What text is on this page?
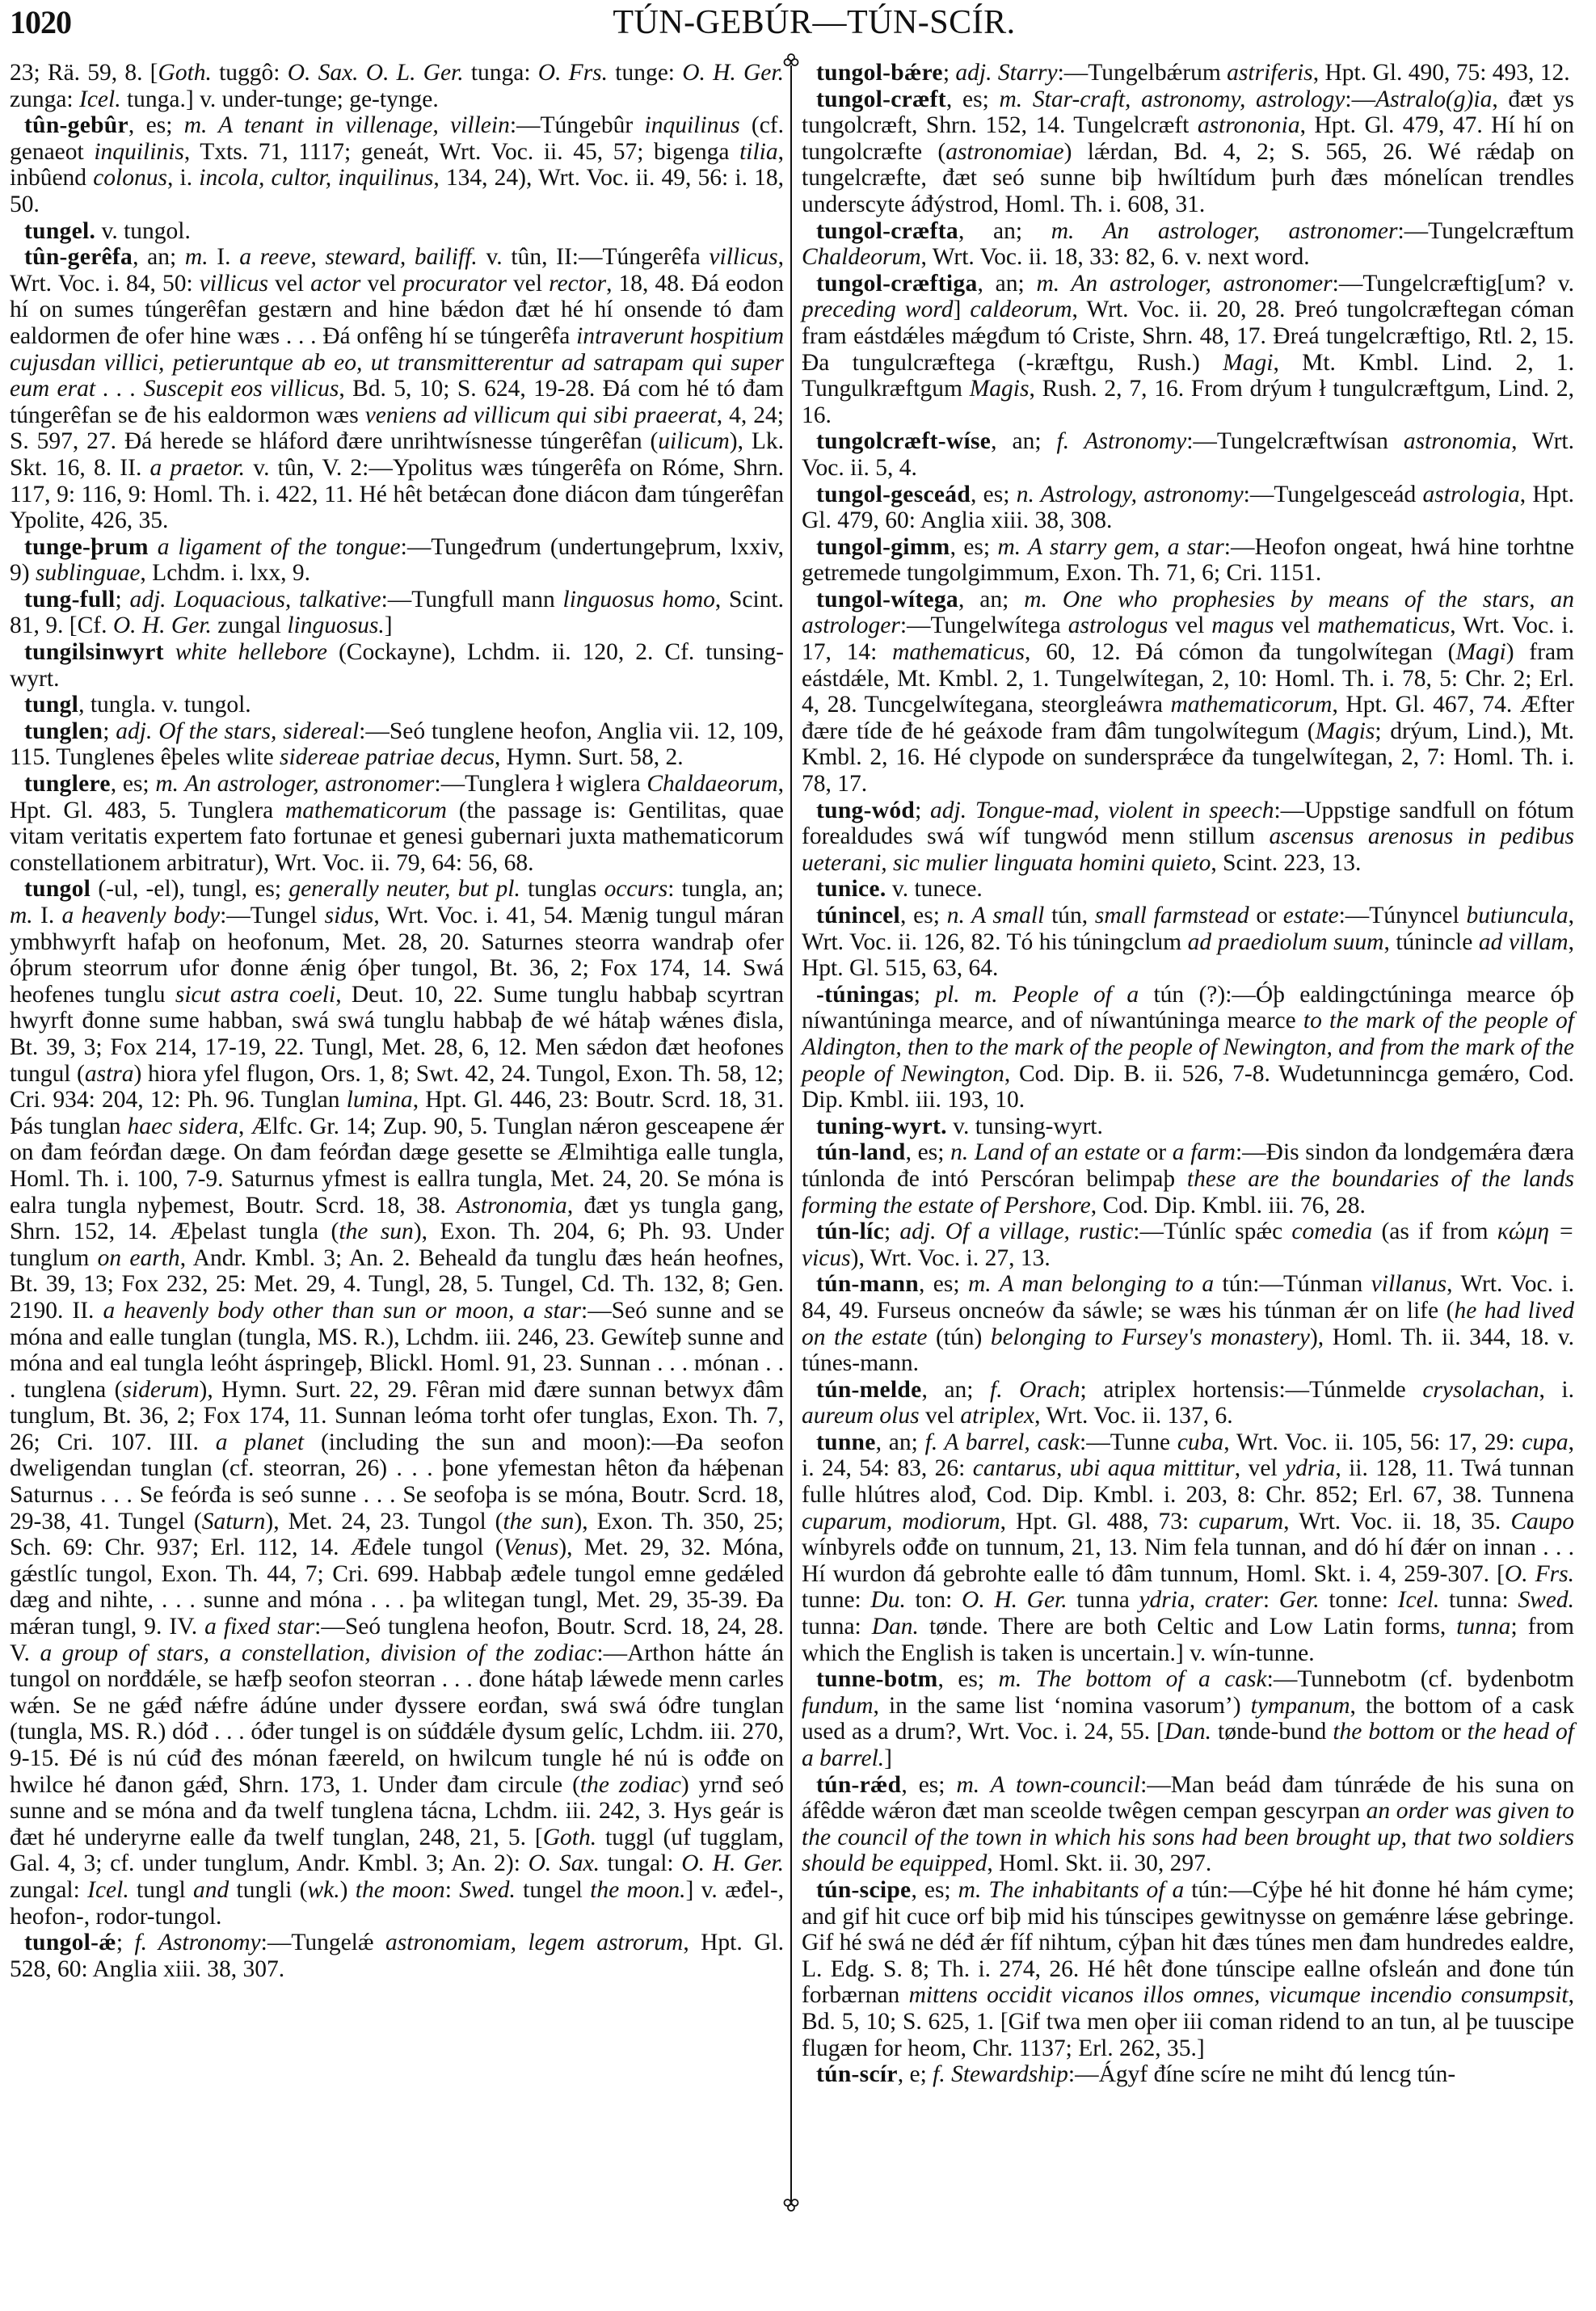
1020	TÚN-GEBÚR—TÚN-SCÍR.

23; Rä. 59, 8. [Goth. tuggô: O. Sax. O. L. Ger. tunga: O. Frs. tunge: O. H. Ger. zunga: Icel. tunga.] v. under-tunge; ge-tynge.

tûn-gebûr, es; m. A tenant in villenage, villein:—Túngebûr inquilinus (cf. genaeot inquilinis, Txts. 71, 1117; geneát, Wrt. Voc. ii. 45, 57; bigenga tilia, inbûend colonus, i. incola, cultor, inquilinus, 134, 24), Wrt. Voc. ii. 49, 56: i. 18, 50.

tungel. v. tungol.

tûn-gerêfa, an; m. I. a reeve, steward, bailiff. v. tûn, II:—Túngerêfa villicus, Wrt. Voc. i. 84, 50: villicus vel actor vel procurator vel rector, 18, 48. Đá eodon hí on sumes túngerêfan gestærn and hine bǽdon đæt hé hí onsende tó đam ealdormen đe ofer hine wæs . . . Đá onfêng hí se túngerêfa intraverunt hospitium cujusdan villici, petieruntque ab eo, ut transmitterentur ad satrapam qui super eum erat . . . Suscepit eos villicus, Bd. 5, 10; S. 624, 19-28. Đá com hé tó đam túngerêfan se đe his ealdormon wæs veniens ad villicum qui sibi praeerat, 4, 24; S. 597, 27. Đá herede se hláford đære unrihtwísnesse túngerêfan (uilicum), Lk. Skt. 16, 8. II. a praetor. v. tûn, V. 2:—Ypolitus wæs túngerêfa on Róme, Shrn. 117, 9: 116, 9: Homl. Th. i. 422, 11. Hé hêt betǽcan đone diácon đam túngerêfan Ypolite, 426, 35.

tunge-þrum a ligament of the tongue:—Tungeđrum (undertungeþrum, lxxiv, 9) sublinguae, Lchdm. i. lxx, 9.

tung-full; adj. Loquacious, talkative:—Tungfull mann linguosus homo, Scint. 81, 9. [Cf. O. H. Ger. zungal linguosus.]

tungilsinwyrt white hellebore (Cockayne), Lchdm. ii. 120, 2. Cf. tunsing-wyrt.

tungl, tungla. v. tungol.

tunglen; adj. Of the stars, sidereal:—Seó tunglene heofon, Anglia vii. 12, 109, 115. Tunglenes êþeles wlite sidereae patriae decus, Hymn. Surt. 58, 2.

tunglere, es; m. An astrologer, astronomer:—Tunglera ł wiglera Chaldaeorum, Hpt. Gl. 483, 5. Tunglera mathematicorum (the passage is: Gentilitas, quae vitam veritatis expertem fato fortunae et genesi gubernari juxta mathematicorum constellationem arbitratur), Wrt. Voc. ii. 79, 64: 56, 68.

tungol (-ul, -el), tungl, es; generally neuter, but pl. tunglas occurs: tungla, an; m. I. a heavenly body:—Tungel sidus, Wrt. Voc. i. 41, 54. Mænig tungul máran ymbhwyrft hafaþ on heofonum, Met. 28, 20. Saturnes steorra wandraþ ofer óþrum steorrum ufor đonne ǽnig óþer tungol, Bt. 36, 2; Fox 174, 14. Swá heofenes tunglu sicut astra coeli, Deut. 10, 22. Sume tunglu habbaþ scyrtran hwyrft đonne sume habban, swá swá tunglu habbaþ đe wé hátaþ wǽnes đisla, Bt. 39, 3; Fox 214, 17-19, 22. Tungl, Met. 28, 6, 12. Men sǽdon đæt heofones tungul (astra) hiora yfel flugon, Ors. 1, 8; Swt. 42, 24. Tungol, Exon. Th. 58, 12; Cri. 934: 204, 12: Ph. 96. Tunglan lumina, Hpt. Gl. 446, 23: Boutr. Scrd. 18, 31. Þás tunglan haec sidera, Ælfc. Gr. 14; Zup. 90, 5. Tunglan nǽron gesceapene ǽr on đam feórđan dæge. On đam feórđan dæge gesette se Ælmihtiga ealle tungla, Homl. Th. i. 100, 7-9. Saturnus yfmest is eallra tungla, Met. 24, 20. Se móna is ealra tungla nyþemest, Boutr. Scrd. 18, 38. Astronomia, đæt ys tungla gang, Shrn. 152, 14. Æþelast tungla (the sun), Exon. Th. 204, 6; Ph. 93. Under tunglum on earth, Andr. Kmbl. 3; An. 2. Beheald đa tunglu đæs heán heofnes, Bt. 39, 13; Fox 232, 25: Met. 29, 4. Tungl, 28, 5. Tungel, Cd. Th. 132, 8; Gen. 2190. II. a heavenly body other than sun or moon, a star:—Seó sunne and se móna and ealle tunglan (tungla, MS. R.), Lchdm. iii. 246, 23. Gewíteþ sunne and móna and eal tungla leóht áspringeþ, Blickl. Homl. 91, 23. Sunnan . . . mónan . . . tunglena (siderum), Hymn. Surt. 22, 29. Fêran mid đære sunnan betwyx đâm tunglum, Bt. 36, 2; Fox 174, 11. Sunnan leóma torht ofer tunglas, Exon. Th. 7, 26; Cri. 107. III. a planet (including the sun and moon):—Đa seofon dweligendan tunglan (cf. steorran, 26) . . . þone yfemestan hêton đa hǽþenan Saturnus . . . Se feórđa is seó sunne . . . Se seofoþa is se móna, Boutr. Scrd. 18, 29-38, 41. Tungel (Saturn), Met. 24, 23. Tungol (the sun), Exon. Th. 350, 25; Sch. 69: Chr. 937; Erl. 112, 14. Æđele tungol (Venus), Met. 29, 32. Móna, gǽstlíc tungol, Exon. Th. 44, 7; Cri. 699. Habbaþ æđele tungol emne gedǽled dæg and nihte, . . . sunne and móna . . . þa wlitegan tungl, Met. 29, 35-39. Đa mǽran tungl, 9. IV. a fixed star:—Seó tunglena heofon, Boutr. Scrd. 18, 24, 28. V. a group of stars, a constellation, division of the zodiac:—Arthon hátte án tungol on norđdǽle, se hæfþ seofon steorran . . . đone hátaþ lǽwede menn carles wǽn. Se ne gǽđ nǽfre ádúne under đyssere eorđan, swá swá óđre tunglan (tungla, MS. R.) dóđ . . . óđer tungel is on súđdǽle đysum gelíc, Lchdm. iii. 270, 9-15. Đé is nú cúđ đes mónan fæereld, on hwilcum tungle hé nú is ođđe on hwilce hé đanon gǽđ, Shrn. 173, 1. Under đam circule (the zodiac) yrnđ seó sunne and se móna and đa twelf tunglena tácna, Lchdm. iii. 242, 3. Hys geár is đæt hé underyrne ealle đa twelf tunglan, 248, 21, 5. [Goth. tuggl (uf tugglam, Gal. 4, 3; cf. under tunglum, Andr. Kmbl. 3; An. 2): O. Sax. tungal: O. H. Ger. zungal: Icel. tungl and tungli (wk.) the moon: Swed. tungel the moon.] v. æđel-, heofon-, rodor-tungol.

tungol-ǽ; f. Astronomy:—Tungelǽ astronomiam, legem astrorum, Hpt. Gl. 528, 60: Anglia xiii. 38, 307.

tungol-bǽre; adj. Starry:—Tungelbǽrum astriferis, Hpt. Gl. 490, 75: 493, 12.

tungol-cræft, es; m. Star-craft, astronomy, astrology:—Astralo(g)ia, đæt ys tungolcræft, Shrn. 152, 14. Tungelcræft astrononia, Hpt. Gl. 479, 47. Hí hí on tungolcræfte (astronomiae) lǽrdan, Bd. 4, 2; S. 565, 26. Wé rǽdaþ on tungelcræfte, đæt seó sunne biþ hwíltídum þurh đæs mónelícan trendles underscyte áđýstrod, Homl. Th. i. 608, 31.

tungol-cræfta, an; m. An astrologer, astronomer:—Tungelcræftum Chaldeorum, Wrt. Voc. ii. 18, 33: 82, 6. v. next word.

tungol-cræftiga, an; m. An astrologer, astronomer:—Tungelcræftig[um? v. preceding word] caldeorum, Wrt. Voc. ii. 20, 28. Þreó tungolcræftegan cóman fram eástdǽles mǽgđum tó Criste, Shrn. 48, 17. Đreá tungelcræftigo, Rtl. 2, 15. Đa tungulcræftega (-kræftgu, Rush.) Magi, Mt. Kmbl. Lind. 2, 1. Tungulkræftgum Magis, Rush. 2, 7, 16. From drýum ł tungulcræftgum, Lind. 2, 16.

tungolcræft-wíse, an; f. Astronomy:—Tungelcræftwísan astronomia, Wrt. Voc. ii. 5, 4.

tungol-gesceád, es; n. Astrology, astronomy:—Tungelgesceád astrologia, Hpt. Gl. 479, 60: Anglia xiii. 38, 308.

tungol-gimm, es; m. A starry gem, a star:—Heofon ongeat, hwá hine torhtne getremede tungolgimmum, Exon. Th. 71, 6; Cri. 1151.

tungol-wítega, an; m. One who prophesies by means of the stars, an astrologer:—Tungelwítega astrologus vel magus vel mathematicus, Wrt. Voc. i. 17, 14: mathematicus, 60, 12. Đá cómon đa tungolwítegan (Magi) fram eástdǽle, Mt. Kmbl. 2, 1. Tungelwítegan, 2, 10: Homl. Th. i. 78, 5: Chr. 2; Erl. 4, 28. Tuncgelwítegana, steorgleáwra mathematicorum, Hpt. Gl. 467, 74. Æfter đære tíde đe hé geáxode fram đâm tungolwítegum (Magis; drýum, Lind.), Mt. Kmbl. 2, 16. Hé clypode on sundersprǽce đa tungelwítegan, 2, 7: Homl. Th. i. 78, 17.

tung-wód; adj. Tongue-mad, violent in speech:—Uppstige sandfull on fótum forealdudes swá wíf tungwód menn stillum ascensus arenosus in pedibus ueterani, sic mulier linguata homini quieto, Scint. 223, 13.

tunice. v. tunece.

túnincel, es; n. A small tún, small farmstead or estate:—Túnyncel butiuncula, Wrt. Voc. ii. 126, 82. Tó his túningclum ad praediolum suum, túnincle ad villam, Hpt. Gl. 515, 63, 64.

-túningas; pl. m. People of a tún (?):—Óþ ealdingctúninga mearce óþ níwantúninga mearce, and of níwantúninga mearce to the mark of the people of Aldington, then to the mark of the people of Newington, and from the mark of the people of Newington, Cod. Dip. B. ii. 526, 7-8. Wudetunnincga gemǽro, Cod. Dip. Kmbl. iii. 193, 10.

tuning-wyrt. v. tunsing-wyrt.

tún-land, es; n. Land of an estate or a farm:—Đis sindon đa londgemǽra đæra túnlonda đe intó Perscóran belimpaþ these are the boundaries of the lands forming the estate of Pershore, Cod. Dip. Kmbl. iii. 76, 28.

tún-líc; adj. Of a village, rustic:—Túnlíc spǽc comedia (as if from κώμη = vicus), Wrt. Voc. i. 27, 13.

tún-mann, es; m. A man belonging to a tún:—Túnman villanus, Wrt. Voc. i. 84, 49. Furseus oncneów đa sáwle; se wæs his túnman ǽr on life (he had lived on the estate (tún) belonging to Fursey's monastery), Homl. Th. ii. 344, 18. v. túnes-mann.

tún-melde, an; f. Orach; atriplex hortensis:—Túnmelde crysolachan, i. aureum olus vel atriplex, Wrt. Voc. ii. 137, 6.

tunne, an; f. A barrel, cask:—Tunne cuba, Wrt. Voc. ii. 105, 56: 17, 29: cupa, i. 24, 54: 83, 26: cantarus, ubi aqua mittitur, vel ydria, ii. 128, 11. Twá tunnan fulle hlútres alođ, Cod. Dip. Kmbl. i. 203, 8: Chr. 852; Erl. 67, 38. Tunnena cuparum, modiorum, Hpt. Gl. 488, 73: cuparum, Wrt. Voc. ii. 18, 35. Caupo wínbyrels ođđe on tunnum, 21, 13. Nim fela tunnan, and dó hí đǽr on innan . . . Hí wurdon đá gebrohte ealle tó đâm tunnum, Homl. Skt. i. 4, 259-307. [O. Frs. tunne: Du. ton: O. H. Ger. tunna ydria, crater: Ger. tonne: Icel. tunna: Swed. tunna: Dan. tønde. There are both Celtic and Low Latin forms, tunna; from which the English is taken is uncertain.] v. wín-tunne.

tunne-botm, es; m. The bottom of a cask:—Tunnebotm (cf. bydenbotm fundum, in the same list ‘nomina vasorum’) tympanum, the bottom of a cask used as a drum?, Wrt. Voc. i. 24, 55. [Dan. tønde-bund the bottom or the head of a barrel.]

tún-rǽd, es; m. A town-council:—Man beád đam túnrǽde đe his suna on áfêdde wǽron đæt man sceolde twêgen cempan gescyrpan an order was given to the council of the town in which his sons had been brought up, that two soldiers should be equipped, Homl. Skt. ii. 30, 297.

tún-scipe, es; m. The inhabitants of a tún:—Cýþe hé hit đonne hé hám cyme; and gif hit cuce orf biþ mid his túnscipes gewitnysse on gemǽnre lǽse gebringe. Gif hé swá ne déđ ǽr fíf nihtum, cýþan hit đæs túnes men đam hundredes ealdre, L. Edg. S. 8; Th. i. 274, 26. Hé hêt đone túnscipe eallne ofsleán and đone tún forbærnan mittens occidit vicanos illos omnes, vicumque incendio consumpsit, Bd. 5, 10; S. 625, 1. [Gif twa men oþer iii coman ridend to an tun, al þe tuuscipe flugæn for heom, Chr. 1137; Erl. 262, 35.]

tún-scír, e; f. Stewardship:—Ágyf đíne scíre ne miht đú lencg tún-
